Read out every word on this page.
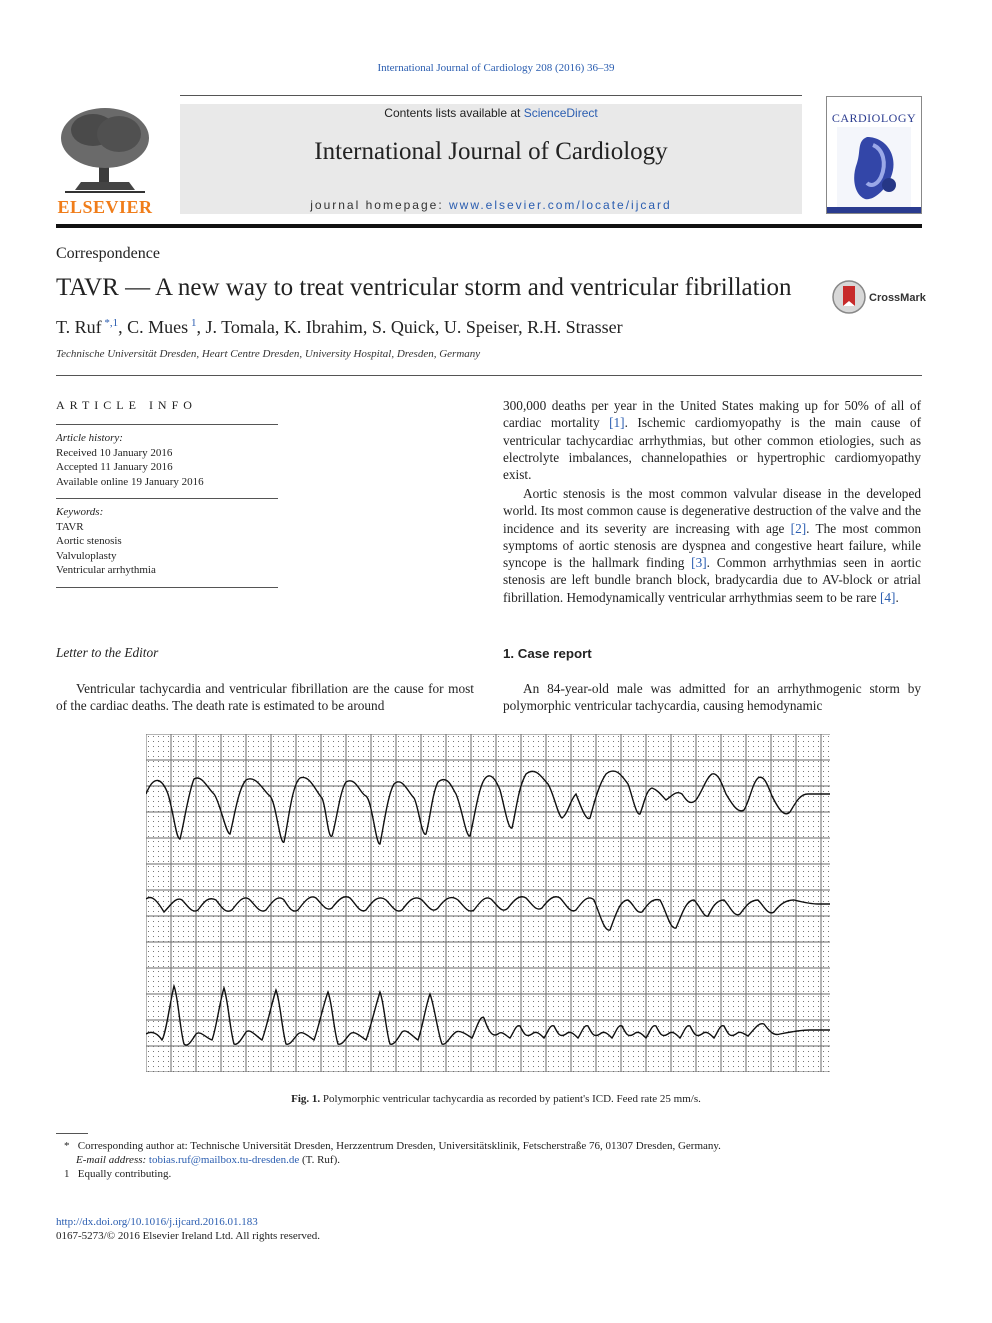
International Journal of Cardiology 208 (2016) 36–39
ELSEVIER
Contents lists available at ScienceDirect
International Journal of Cardiology
journal homepage: www.elsevier.com/locate/ijcard
CARDIOLOGY
Correspondence
TAVR — A new way to treat ventricular storm and ventricular fibrillation	CrossMark
T. Ruf $^{*,1}$, C. Mues $^1$, J. Tomala, K. Ibrahim, S. Quick, U. Speiser, R.H. Strasser
Technische Universität Dresden, Heart Centre Dresden, University Hospital, Dresden, Germany
ARTICLE INFO
Article history:
Received 10 January 2016
Accepted 11 January 2016
Available online 19 January 2016
Keywords:
TAVR
Aortic stenosis
Valvuloplasty
Ventricular arrhythmia
Letter to the Editor
Ventricular tachycardia and ventricular fibrillation are the cause for most of the cardiac deaths. The death rate is estimated to be around
300,000 deaths per year in the United States making up for 50% of all of cardiac mortality [1]. Ischemic cardiomyopathy is the main cause of ventricular tachycardiac arrhythmias, but other common etiologies, such as electrolyte imbalances, channelopathies or hypertrophic cardiomyopathy exist.
Aortic stenosis is the most common valvular disease in the developed world. Its most common cause is degenerative destruction of the valve and the incidence and its severity are increasing with age [2]. The most common symptoms of aortic stenosis are dyspnea and congestive heart failure, while syncope is the hallmark finding [3]. Common arrhythmias seen in aortic stenosis are left bundle branch block, bradycardia due to AV-block or atrial fibrillation. Hemodynamically ventricular arrhythmias seem to be rare [4].
1. Case report
An 84-year-old male was admitted for an arrhythmogenic storm by polymorphic ventricular tachycardia, causing hemodynamic
Fig. 1. Polymorphic ventricular tachycardia as recorded by patient's ICD. Feed rate 25 mm/s.
* Corresponding author at: Technische Universität Dresden, Herzzentrum Dresden, Universitätsklinik, Fetscherstraße 76, 01307 Dresden, Germany.
E-mail address: tobias.ruf@mailbox.tu-dresden.de (T. Ruf).
1 Equally contributing.
http://dx.doi.org/10.1016/j.ijcard.2016.01.183
0167-5273/© 2016 Elsevier Ireland Ltd. All rights reserved.
